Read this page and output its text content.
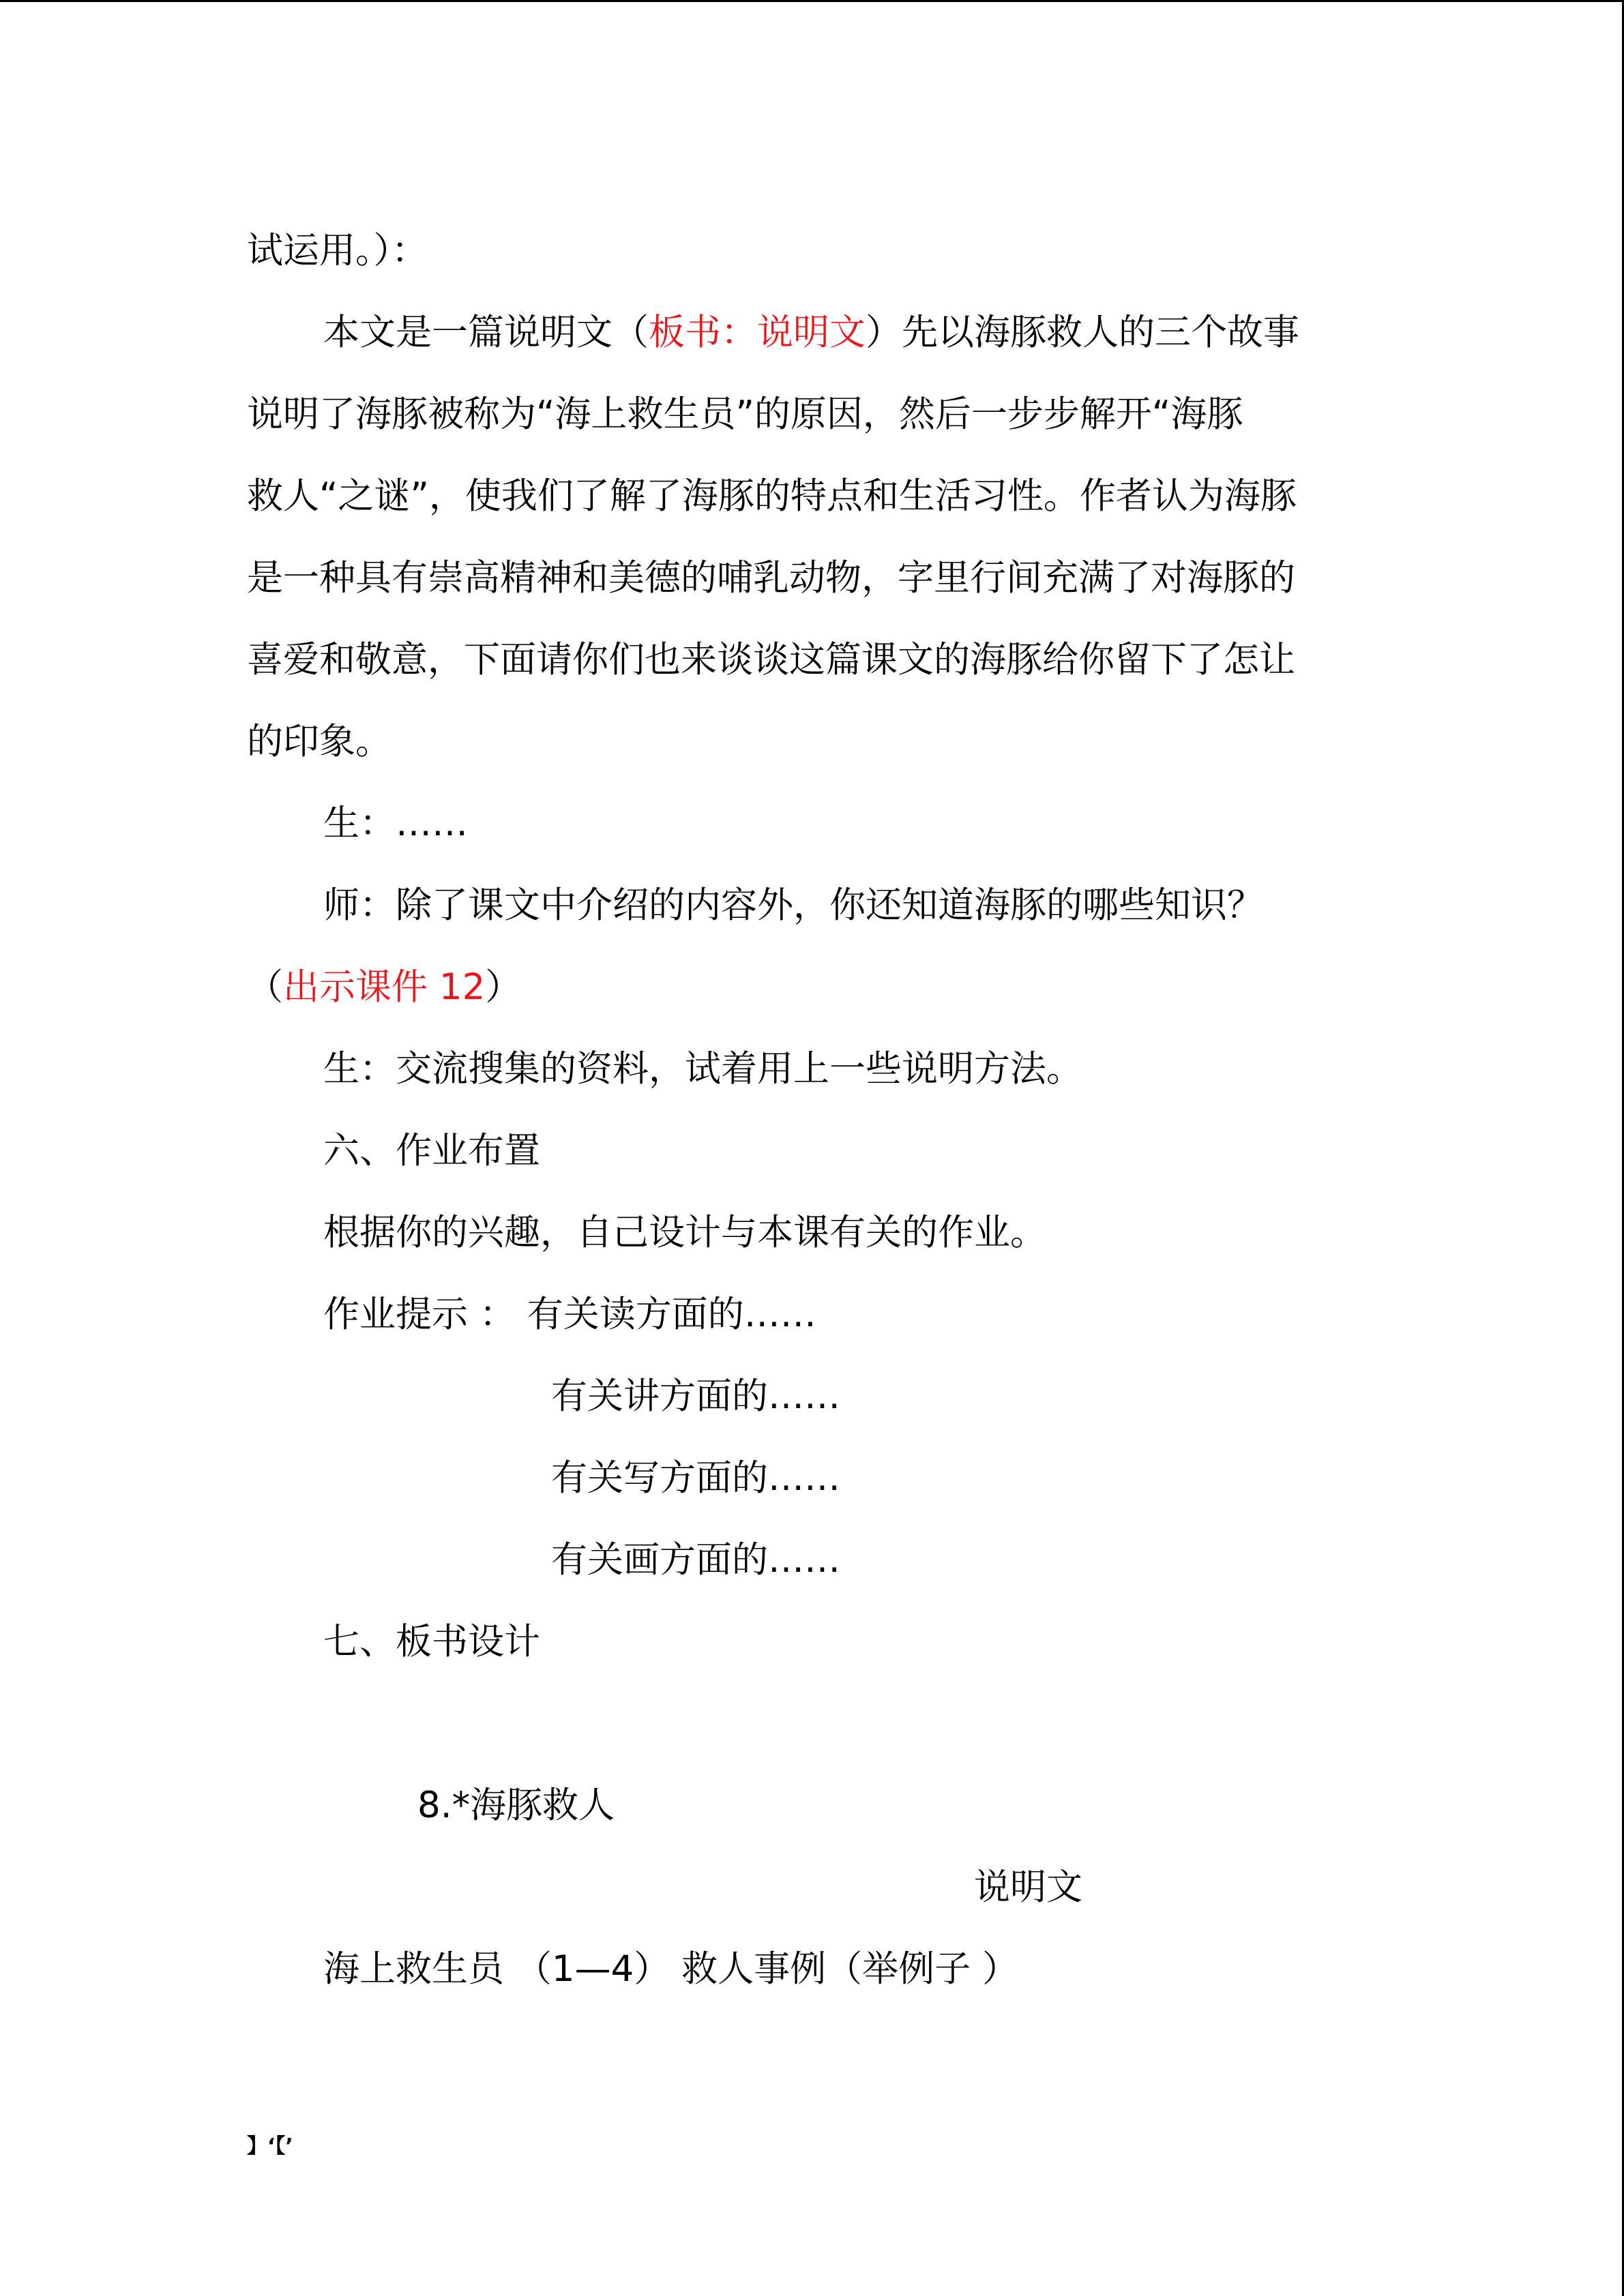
试运用。）：
本文是一篇说明文（板书：说明文）先以海豚救人的三个故事
说明了海豚被称为“海上救生员”的原因，然后一步步解开“海豚
救人“之谜”，使我们了解了海豚的特点和生活习性。作者认为海豚
是一种具有崇高精神和美德的哺乳动物，字里行间充满了对海豚的
喜爱和敬意，下面请你们也来谈谈这篇课文的海豚给你留下了怎让
的印象。
生：……
师：除了课文中介绍的内容外，你还知道海豚的哪些知识？
（出示课件 12）
生：交流搜集的资料，试着用上一些说明方法。
六、作业布置
根据你的兴趣，自己设计与本课有关的作业。
作业提示 ： 有关读方面的……
有关讲方面的……
有关写方面的……
有关画方面的……
七、板书设计
8.*海豚救人
说明文
海上救生员 （1—4） 救人事例（举例子 ）
】‘【’
